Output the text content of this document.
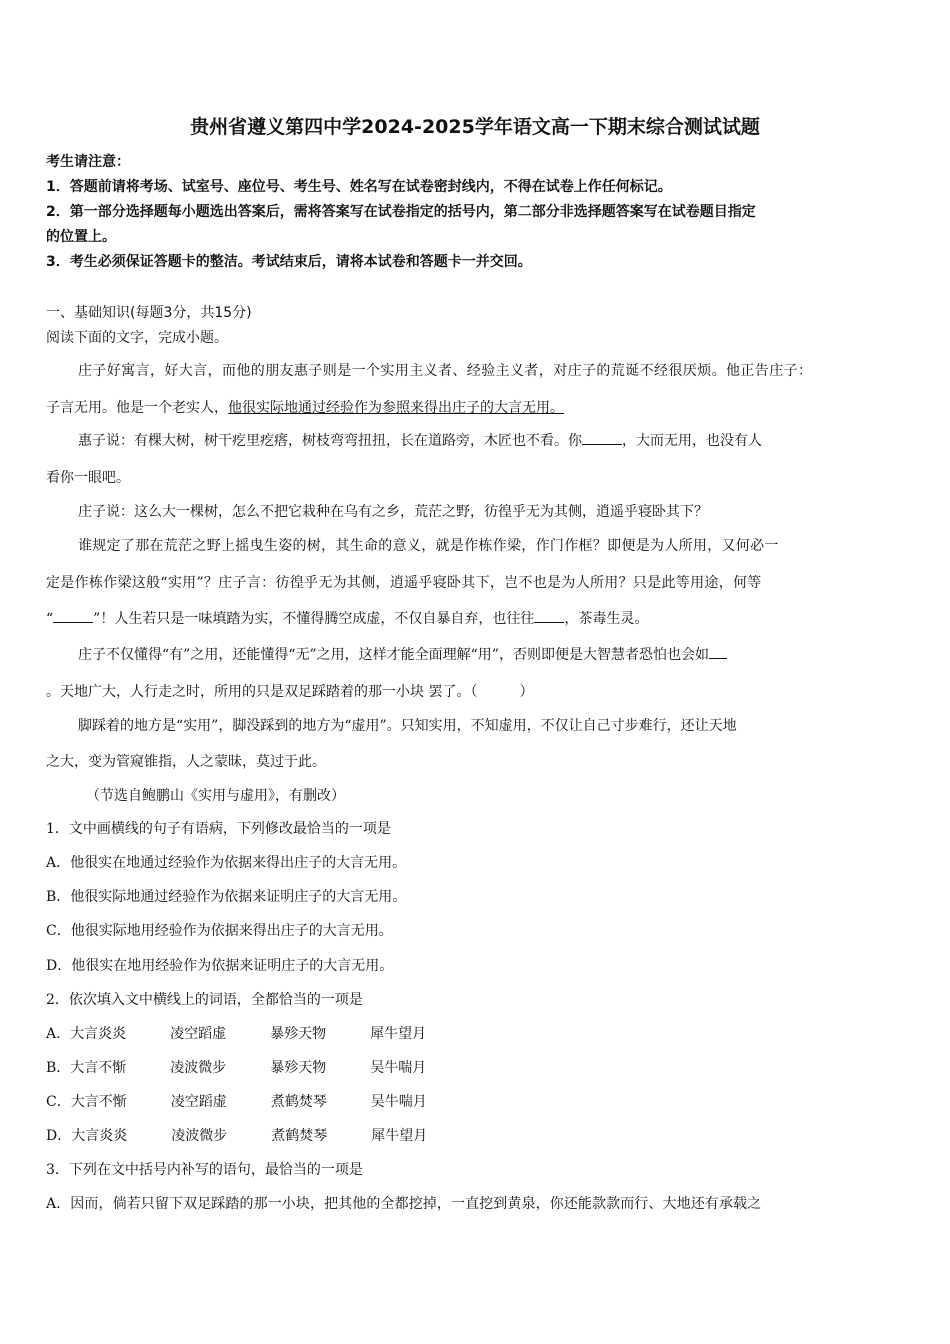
贵州省遵义第四中学2024-2025学年语文高一下期末综合测试试题

考生请注意：

1．答题前请将考场、试室号、座位号、考生号、姓名写在试卷密封线内，不得在试卷上作任何标记。

2．第一部分选择题每小题选出答案后，需将答案写在试卷指定的括号内，第二部分非选择题答案写在试卷题目指定

的位置上。

3．考生必须保证答题卡的整洁。考试结束后，请将本试卷和答题卡一并交回。

一、基础知识(每题3分，共15分)
阅读下面的文字，完成小题。
庄子好寓言，好大言，而他的朋友惠子则是一个实用主义者、经验主义者，对庄子的荒诞不经很厌烦。他正告庄子：
子言无用。他是一个老实人，他很实际地通过经验作为参照来得出庄子的大言无用。
惠子说：有棵大树，树干疙里疙瘩，树枝弯弯扭扭，长在道路旁，木匠也不看。你	，大而无用，也没有人
看你一眼吧。
庄子说：这么大一棵树，怎么不把它栽种在乌有之乡，荒茫之野，彷徨乎无为其侧，逍遥乎寝卧其下？
谁规定了那在荒茫之野上摇曳生姿的树，其生命的意义，就是作栋作梁，作门作框？即便是为人所用，又何必一
定是作栋作梁这般“实用”？庄子言：彷徨乎无为其侧，逍遥乎寝卧其下，岂不也是为人所用？只是此等用途，何等
“	”！人生若只是一味填踏为实，不懂得腾空成虚，不仅自暴自弃，也往往 ，茶毒生灵。
庄子不仅懂得“有”之用，还能懂得“无”之用，这样才能全面理解“用”，否则即便是大智慧者恐怕也会如
。天地广大，人行走之时，所用的只是双足踩踏着的那一小块 罢了。（　　　）
脚踩着的地方是“实用”，脚没踩到的地方为“虚用”。只知实用，不知虚用，不仅让自己寸步难行，还让天地
之大，变为管窥锥指，人之蒙昧，莫过于此。
（节选自鲍鹏山《实用与虚用》，有删改）
1．文中画横线的句子有语病，下列修改最恰当的一项是
A．他很实在地通过经验作为依据来得出庄子的大言无用。
B．他很实际地通过经验作为依据来证明庄子的大言无用。
C．他很实际地用经验作为依据来得出庄子的大言无用。
D．他很实在地用经验作为依据来证明庄子的大言无用。
2．依次填入文中横线上的词语，全都恰当的一项是
A．大言炎炎	凌空蹈虚	暴殄天物	犀牛望月
B．大言不惭	凌波微步	暴殄天物	吴牛喘月
C．大言不惭	凌空蹈虚	煮鹤焚琴	吴牛喘月
D．大言炎炎	凌波微步	煮鹤焚琴	犀牛望月
3．下列在文中括号内补写的语句，最恰当的一项是
A．因而，倘若只留下双足踩踏的那一小块，把其他的全都挖掉，一直挖到黄泉，你还能款款而行、大地还有承载之
